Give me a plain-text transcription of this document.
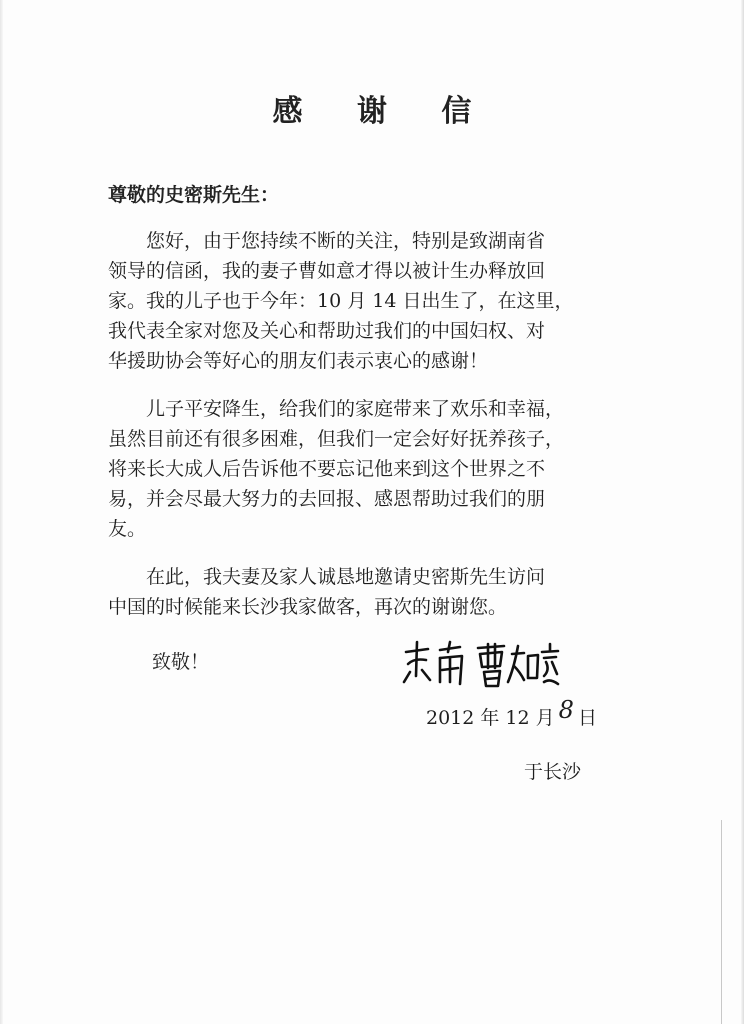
感 谢 信
尊敬的史密斯先生：
　　您好，由于您持续不断的关注，特别是致湖南省
领导的信函，我的妻子曹如意才得以被计生办释放回
家。我的儿子也于今年：10 月 14 日出生了，在这里，
我代表全家对您及关心和帮助过我们的中国妇权、对
华援助协会等好心的朋友们表示衷心的感谢！
　　儿子平安降生，给我们的家庭带来了欢乐和幸福，
虽然目前还有很多困难，但我们一定会好好抚养孩子，
将来长大成人后告诉他不要忘记他来到这个世界之不
易，并会尽最大努力的去回报、感恩帮助过我们的朋
友。
　　在此，我夫妻及家人诚恳地邀请史密斯先生访问
中国的时候能来长沙我家做客，再次的谢谢您。
致敬！
2012 年 12 月 8 日
于长沙
